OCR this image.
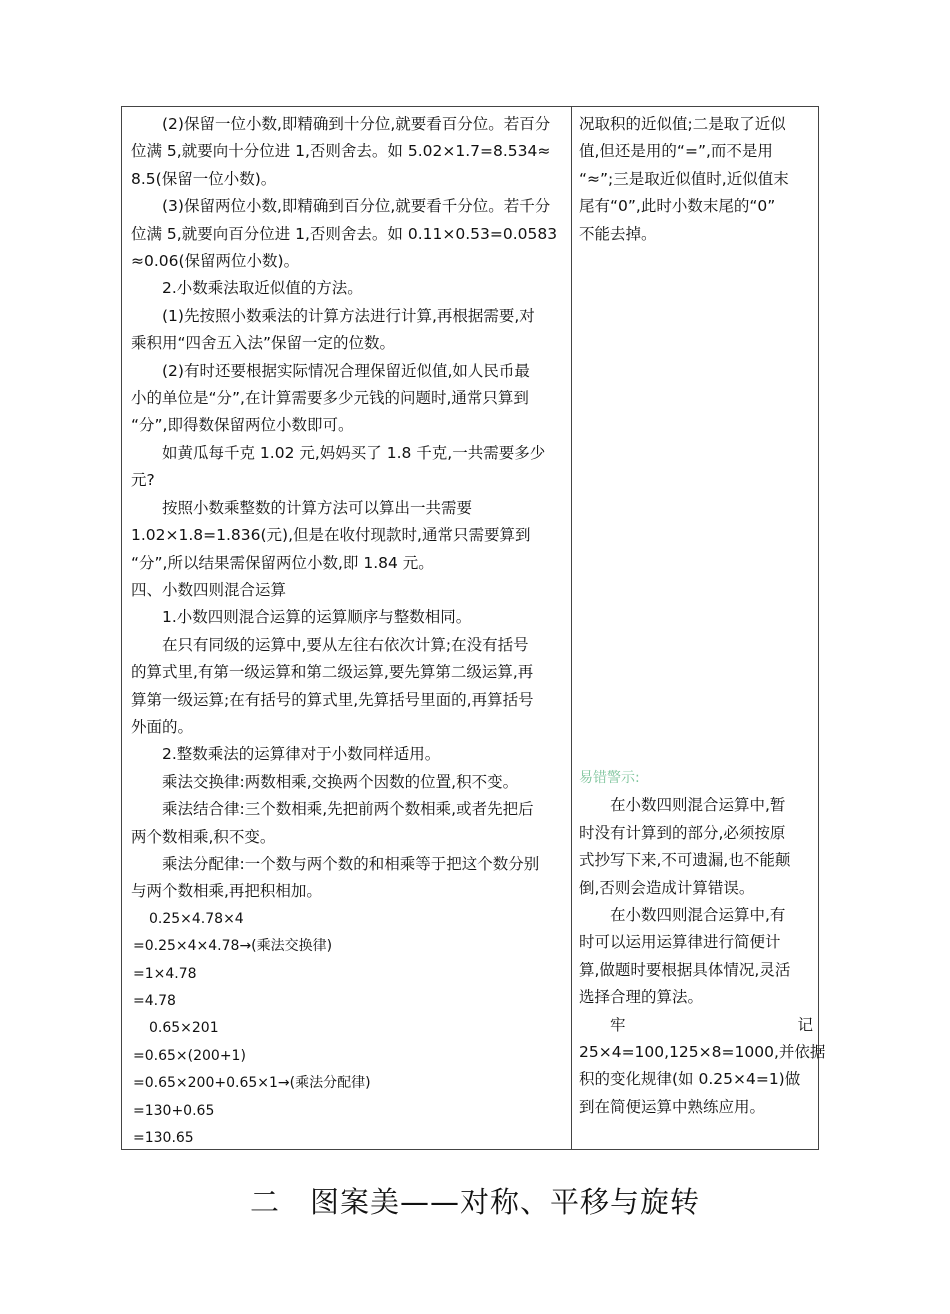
(2)保留一位小数,即精确到十分位,就要看百分位。若百分

位满 5,就要向十分位进 1,否则舍去。如 5.02×1.7=8.534≈

8.5(保留一位小数)。

(3)保留两位小数,即精确到百分位,就要看千分位。若千分

位满 5,就要向百分位进 1,否则舍去。如 0.11×0.53=0.0583

≈0.06(保留两位小数)。

2.小数乘法取近似值的方法。

(1)先按照小数乘法的计算方法进行计算,再根据需要,对

乘积用“四舍五入法”保留一定的位数。

(2)有时还要根据实际情况合理保留近似值,如人民币最

小的单位是“分”,在计算需要多少元钱的问题时,通常只算到

“分”,即得数保留两位小数即可。

如黄瓜每千克 1.02 元,妈妈买了 1.8 千克,一共需要多少

元?

按照小数乘整数的计算方法可以算出一共需要

1.02×1.8=1.836(元),但是在收付现款时,通常只需要算到

“分”,所以结果需保留两位小数,即 1.84 元。

四、小数四则混合运算

1.小数四则混合运算的运算顺序与整数相同。

在只有同级的运算中,要从左往右依次计算;在没有括号

的算式里,有第一级运算和第二级运算,要先算第二级运算,再

算第一级运算;在有括号的算式里,先算括号里面的,再算括号

外面的。

2.整数乘法的运算律对于小数同样适用。

乘法交换律:两数相乘,交换两个因数的位置,积不变。

乘法结合律:三个数相乘,先把前两个数相乘,或者先把后

两个数相乘,积不变。

乘法分配律:一个数与两个数的和相乘等于把这个数分别

与两个数相乘,再把积相加。

0.25×4.78×4

=0.25×4×4.78→(乘法交换律)

=1×4.78

=4.78

0.65×201

=0.65×(200+1)

=0.65×200+0.65×1→(乘法分配律)

=130+0.65

=130.65

况取积的近似值;二是取了近似

值,但还是用的“=”,而不是用

“≈”;三是取近似值时,近似值末

尾有“0”,此时小数末尾的“0”

不能去掉。

易错警示:

在小数四则混合运算中,暂

时没有计算到的部分,必须按原

式抄写下来,不可遗漏,也不能颠

倒,否则会造成计算错误。

在小数四则混合运算中,有

时可以运用运算律进行简便计

算,做题时要根据具体情况,灵活

选择合理的算法。

牢　记

25×4=100,125×8=1000,并依据

积的变化规律(如 0.25×4=1)做

到在简便运算中熟练应用。

二　图案美——对称、平移与旋转
